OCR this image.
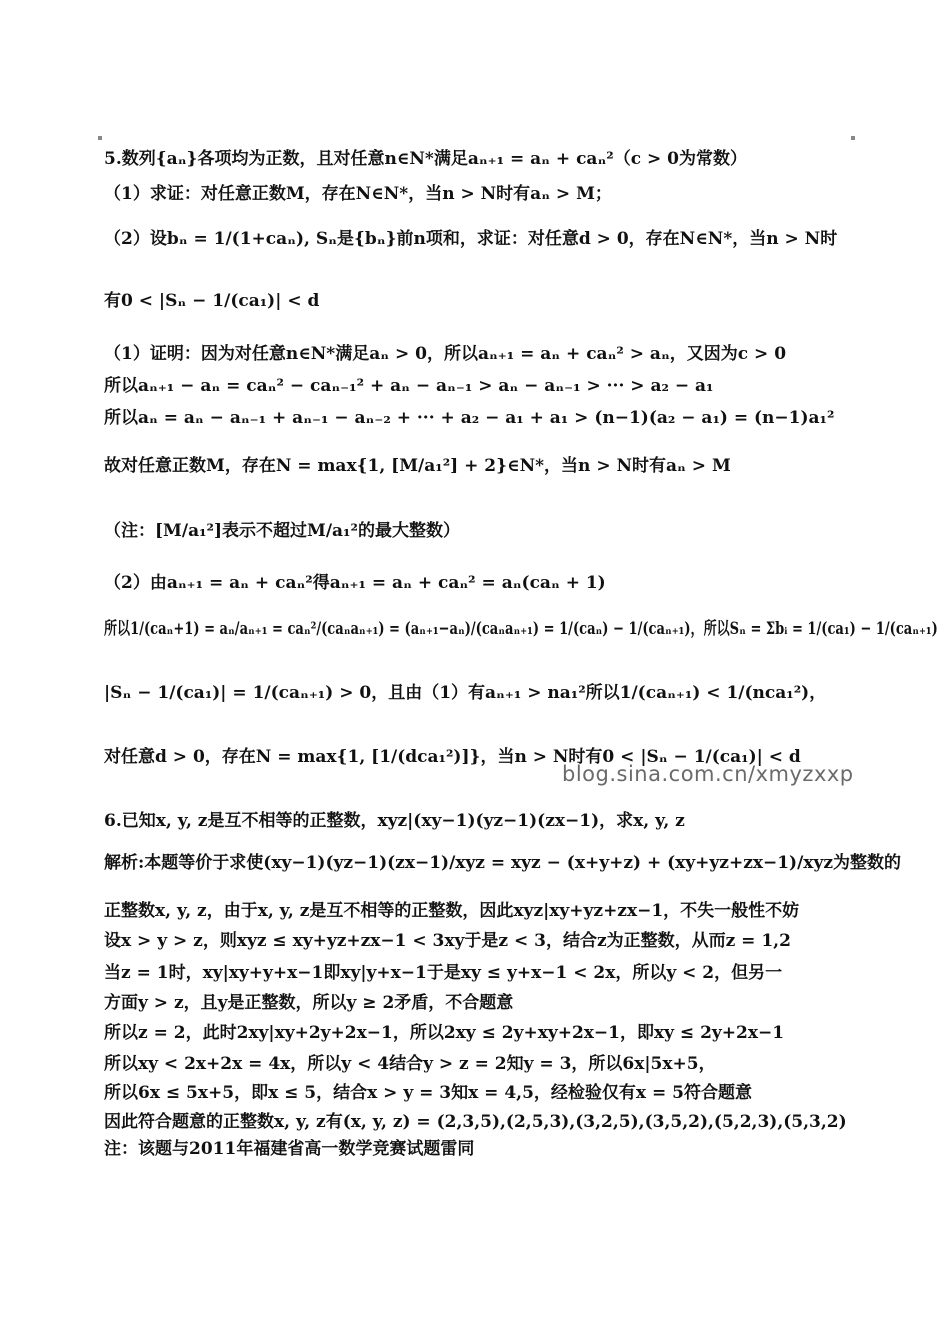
5.数列{aₙ}各项均为正数，且对任意n∈N*满足aₙ₊₁ = aₙ + caₙ²（c > 0为常数）
（1）求证：对任意正数M，存在N∈N*，当n > N时有aₙ > M；
（2）设bₙ = 1/(1+caₙ), Sₙ是{bₙ}前n项和，求证：对任意d > 0，存在N∈N*，当n > N时
有0 < |Sₙ − 1/(ca₁)| < d
（1）证明：因为对任意n∈N*满足aₙ > 0，所以aₙ₊₁ = aₙ + caₙ² > aₙ，又因为c > 0
所以aₙ₊₁ − aₙ = caₙ² − caₙ₋₁² + aₙ − aₙ₋₁ > aₙ − aₙ₋₁ > ··· > a₂ − a₁
所以aₙ = aₙ − aₙ₋₁ + aₙ₋₁ − aₙ₋₂ + ··· + a₂ − a₁ + a₁ > (n−1)(a₂ − a₁) = (n−1)a₁²
故对任意正数M，存在N = max{1, [M/a₁²] + 2}∈N*，当n > N时有aₙ > M
（注：[M/a₁²]表示不超过M/a₁²的最大整数）
（2）由aₙ₊₁ = aₙ + caₙ²得aₙ₊₁ = aₙ + caₙ² = aₙ(caₙ + 1)
所以1/(caₙ+1) = aₙ/aₙ₊₁ = caₙ²/(caₙaₙ₊₁) = (aₙ₊₁−aₙ)/(caₙaₙ₊₁) = 1/(caₙ) − 1/(caₙ₊₁)，所以Sₙ = Σbᵢ = 1/(ca₁) − 1/(caₙ₊₁)
|Sₙ − 1/(ca₁)| = 1/(caₙ₊₁) > 0，且由（1）有aₙ₊₁ > na₁²所以1/(caₙ₊₁) < 1/(nca₁²)，
对任意d > 0，存在N = max{1, [1/(dca₁²)]}，当n > N时有0 < |Sₙ − 1/(ca₁)| < d
blog.sina.com.cn/xmyzxxp
6.已知x, y, z是互不相等的正整数，xyz|(xy−1)(yz−1)(zx−1)，求x, y, z
解析:本题等价于求使(xy−1)(yz−1)(zx−1)/xyz = xyz − (x+y+z) + (xy+yz+zx−1)/xyz为整数的
正整数x, y, z，由于x, y, z是互不相等的正整数，因此xyz|xy+yz+zx−1，不失一般性不妨
设x > y > z，则xyz ≤ xy+yz+zx−1 < 3xy于是z < 3，结合z为正整数，从而z = 1,2
当z = 1时，xy|xy+y+x−1即xy|y+x−1于是xy ≤ y+x−1 < 2x，所以y < 2，但另一
方面y > z，且y是正整数，所以y ≥ 2矛盾，不合题意
所以z = 2，此时2xy|xy+2y+2x−1，所以2xy ≤ 2y+xy+2x−1，即xy ≤ 2y+2x−1
所以xy < 2x+2x = 4x，所以y < 4结合y > z = 2知y = 3，所以6x|5x+5，
所以6x ≤ 5x+5，即x ≤ 5，结合x > y = 3知x = 4,5，经检验仅有x = 5符合题意
因此符合题意的正整数x, y, z有(x, y, z) = (2,3,5),(2,5,3),(3,2,5),(3,5,2),(5,2,3),(5,3,2)
注：该题与2011年福建省高一数学竞赛试题雷同
